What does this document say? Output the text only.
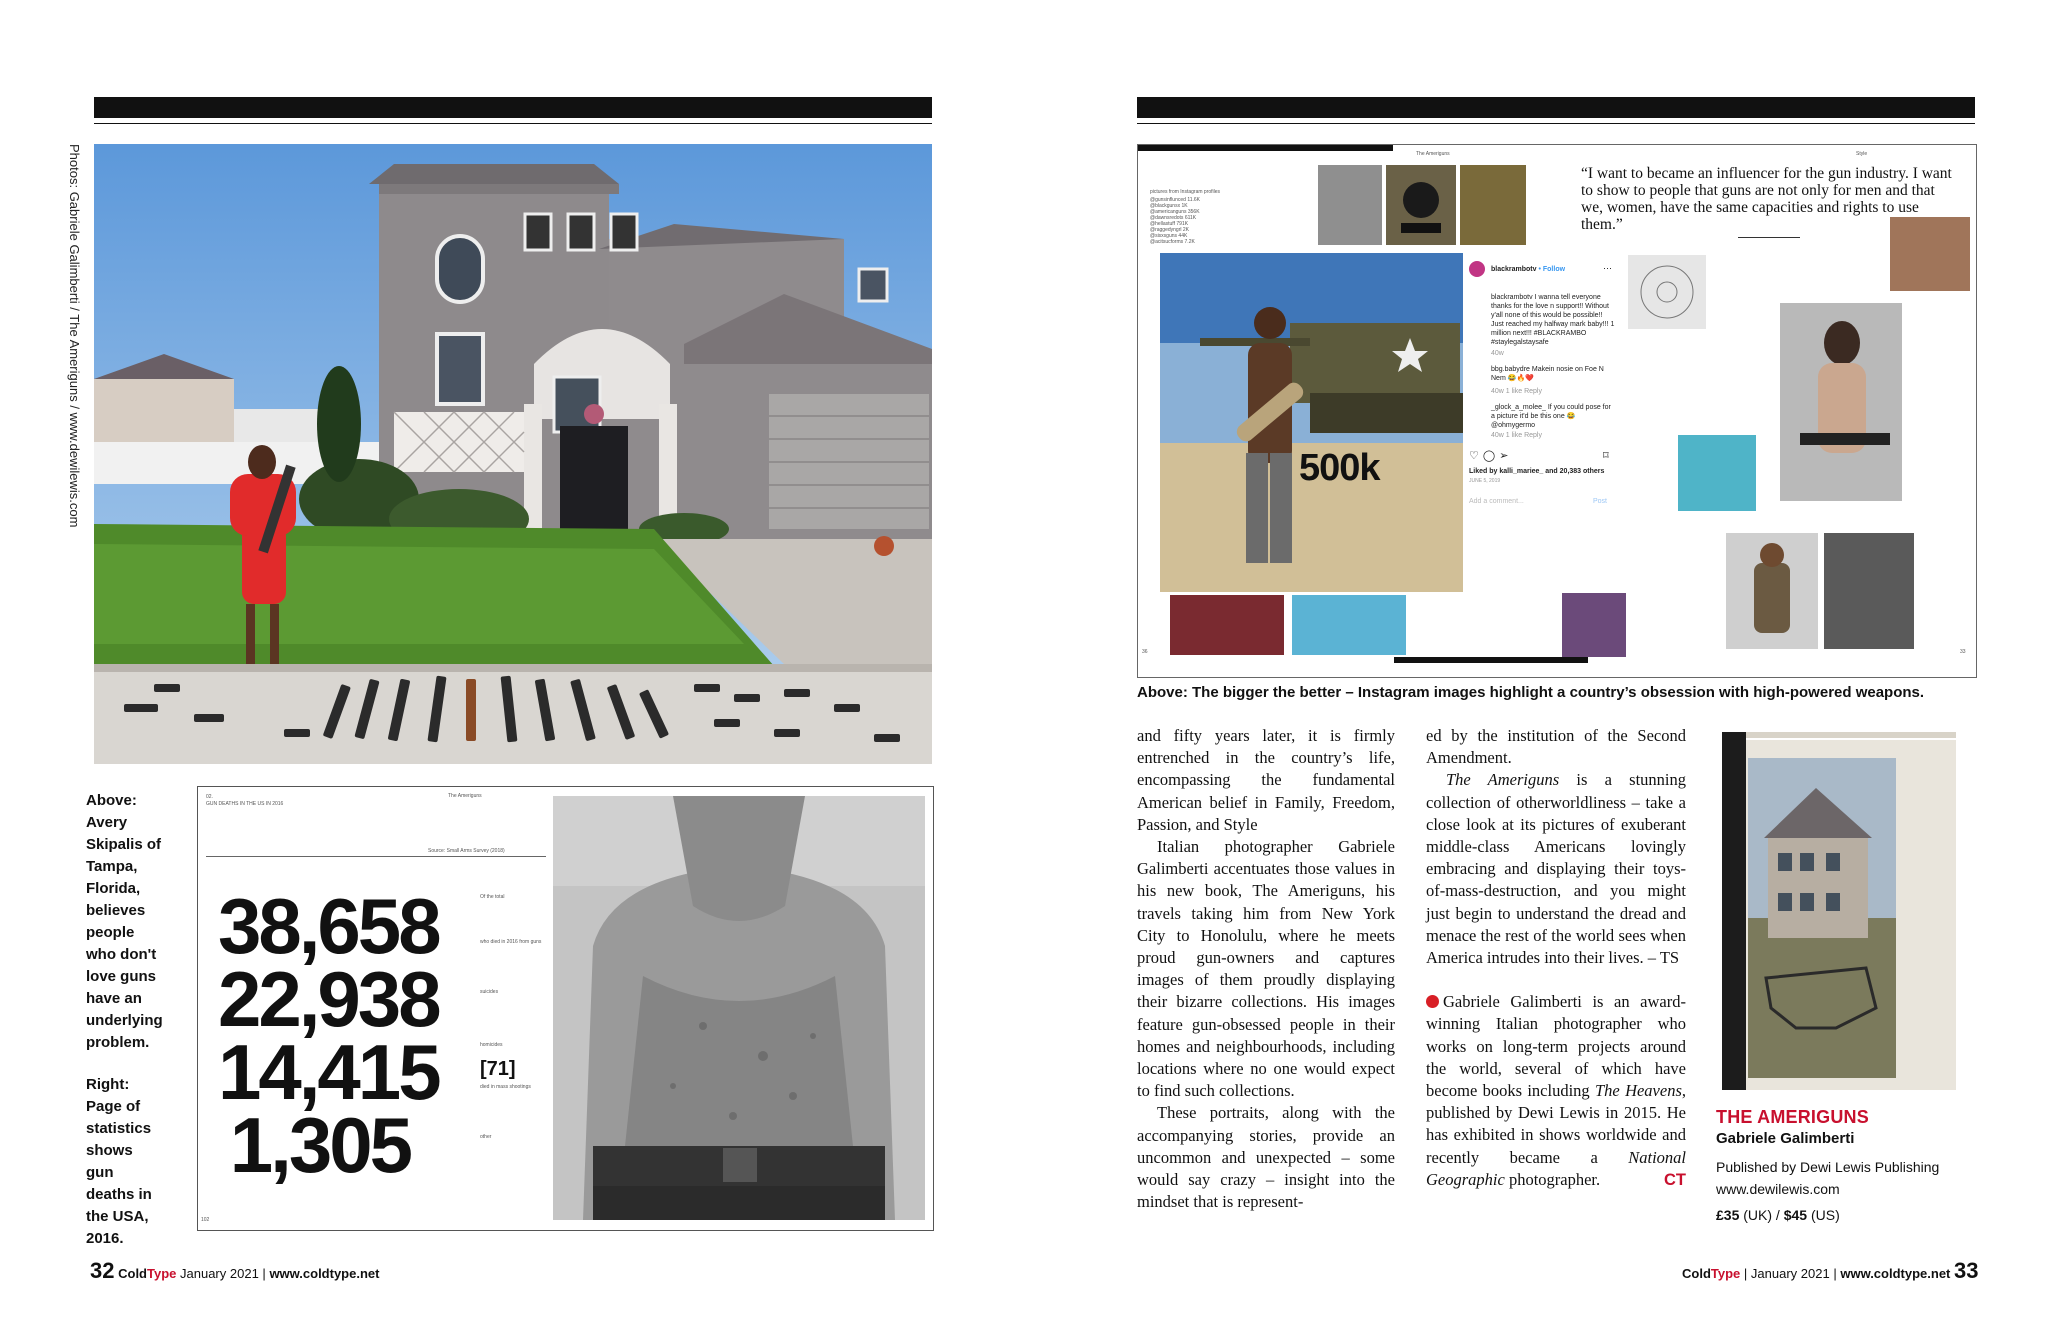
Photos: Gabriele Galimberti / The Ameriguns / www.dewilewis.com

Above: Avery Skipalis of Tampa, Florida, believes people who don't love guns have an underlying problem.

Right: Page of statistics shows gun deaths in the USA, 2016.

02.
GUN DEATHS IN THE US IN 2016
The Ameriguns
Source: Small Arms Survey (2018)
38,658
22,938
14,415
1,305
[71]
Of the total
who died in 2016 from guns
suicides
homicides
died in mass shootings
other
102
32 ColdType January 2021 | www.coldtype.net
The Ameriguns	Style
pictures from Instagram profiles
@gunsinflunced 11.6K
@blackgunsx 1K
@americanguns 356K
@dawnsredots 611K
@hellastuff 791K
@raggedyngrl 2K
@sisxsguns 44K
@acitsucforms 7.2K
“I want to became an influencer for the gun industry. I want to show to people that guns are not only for men and that we, women, have the same capacities and rights to use them.”
500k

blackrambotv • Follow	⋯

blackrambotv I wanna tell everyone thanks for the love n support!! Without y'all none of this would be possible!! Just reached my halfway mark baby!!! 1 million next!!! #BLACKRAMBO #staylegalstaysafe

40w

bbg.babydre Makein nosie on Foe N Nem 😂🔥❤️

40w 1 like Reply

_glock_a_molee_ If you could pose for a picture it'd be this one 😂 @ohmygermo

40w 1 like Reply

♡◯➢	⌑

Liked by kalli_mariee_ and 20,383 others

JUNE 5, 2019

Add a comment...	Post

36	33
Above: The bigger the better – Instagram images highlight a country’s obsession with high-powered weapons.

and fifty years later, it is firmly entrenched in the country’s life, encompassing the fundamental American belief in Family, Freedom, Passion, and Style

Italian photographer Gabriele Galimberti accentuates those values in his new book, The Ameriguns, his travels taking him from New York City to Honolulu, where he meets proud gun-owners and captures images of them proudly displaying their bizarre collections. His images feature gun-obsessed people in their homes and neighbourhoods, including locations where no one would expect to find such collections.

These portraits, along with the accompanying stories, provide an uncommon and unexpected – some would say crazy – insight into the mindset that is represent-

ed by the institution of the Second Amendment.

The Ameriguns is a stunning collection of otherworldliness – take a close look at its pictures of exuberant middle-class Americans lovingly embracing and displaying their toys-of-mass-destruction, and you might just begin to understand the dread and menace the rest of the world sees when America intrudes into their lives. – TS

Gabriele Galimberti is an award-winning Italian photographer who works on long-term projects around the world, several of which have become books including The Heavens, published by Dewi Lewis in 2015. He has exhibited in shows worldwide and recently became a National Geographic photographer.	CT

THE AMERIGUNS
Gabriele Galimberti
Published by Dewi Lewis Publishing
www.dewilewis.com
£35 (UK) / $45 (US)
ColdType | January 2021 | www.coldtype.net 33
